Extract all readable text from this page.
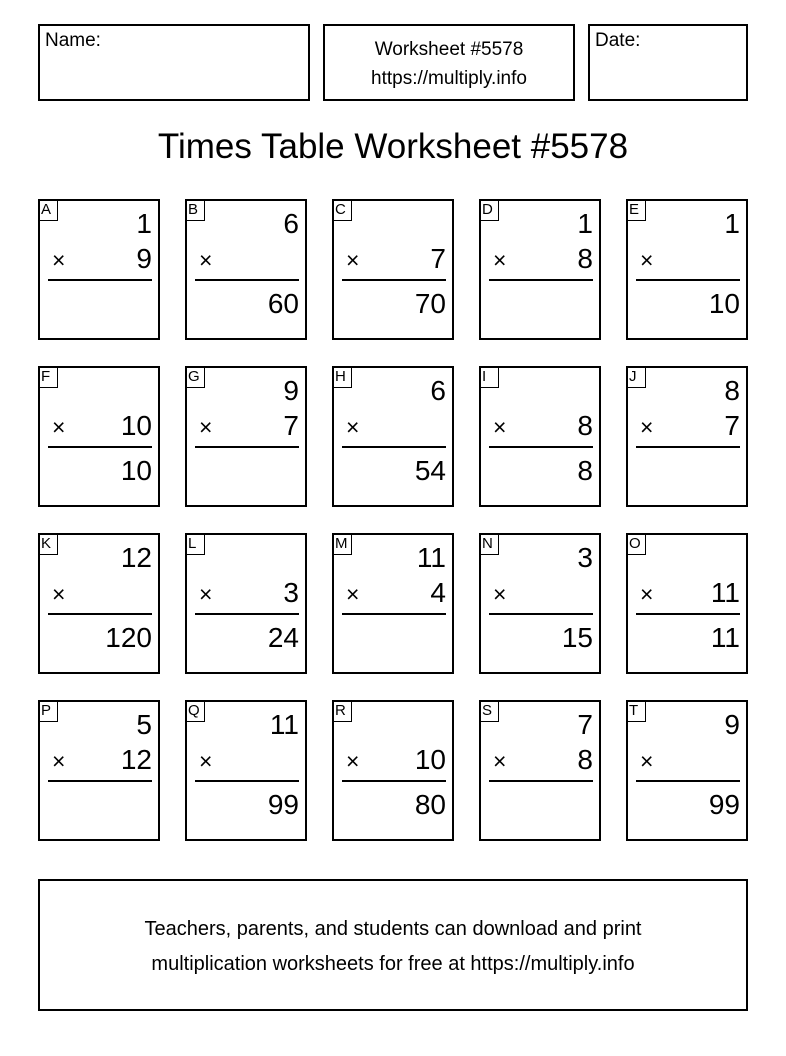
Name:	Worksheet #5578
https://multiply.info
Date:
Times Table Worksheet #5578
A	1
×	9
B	6
×
60
C
×	7
70
D	1
×	8
E	1
×
10
F
× 10
10
G	9
×	7
H	6
×
54
I
×	8
8
J	8
×	7
K 12
×
120
L
×	3
24
M 11
×	4
N	3
×
15
O
× 11
11
P	5
× 12
Q	11
×
99
R
× 10
80
S	7
×	8
T	9
×
99
Teachers, parents, and students can download and print
multiplication worksheets for free at https://multiply.info
